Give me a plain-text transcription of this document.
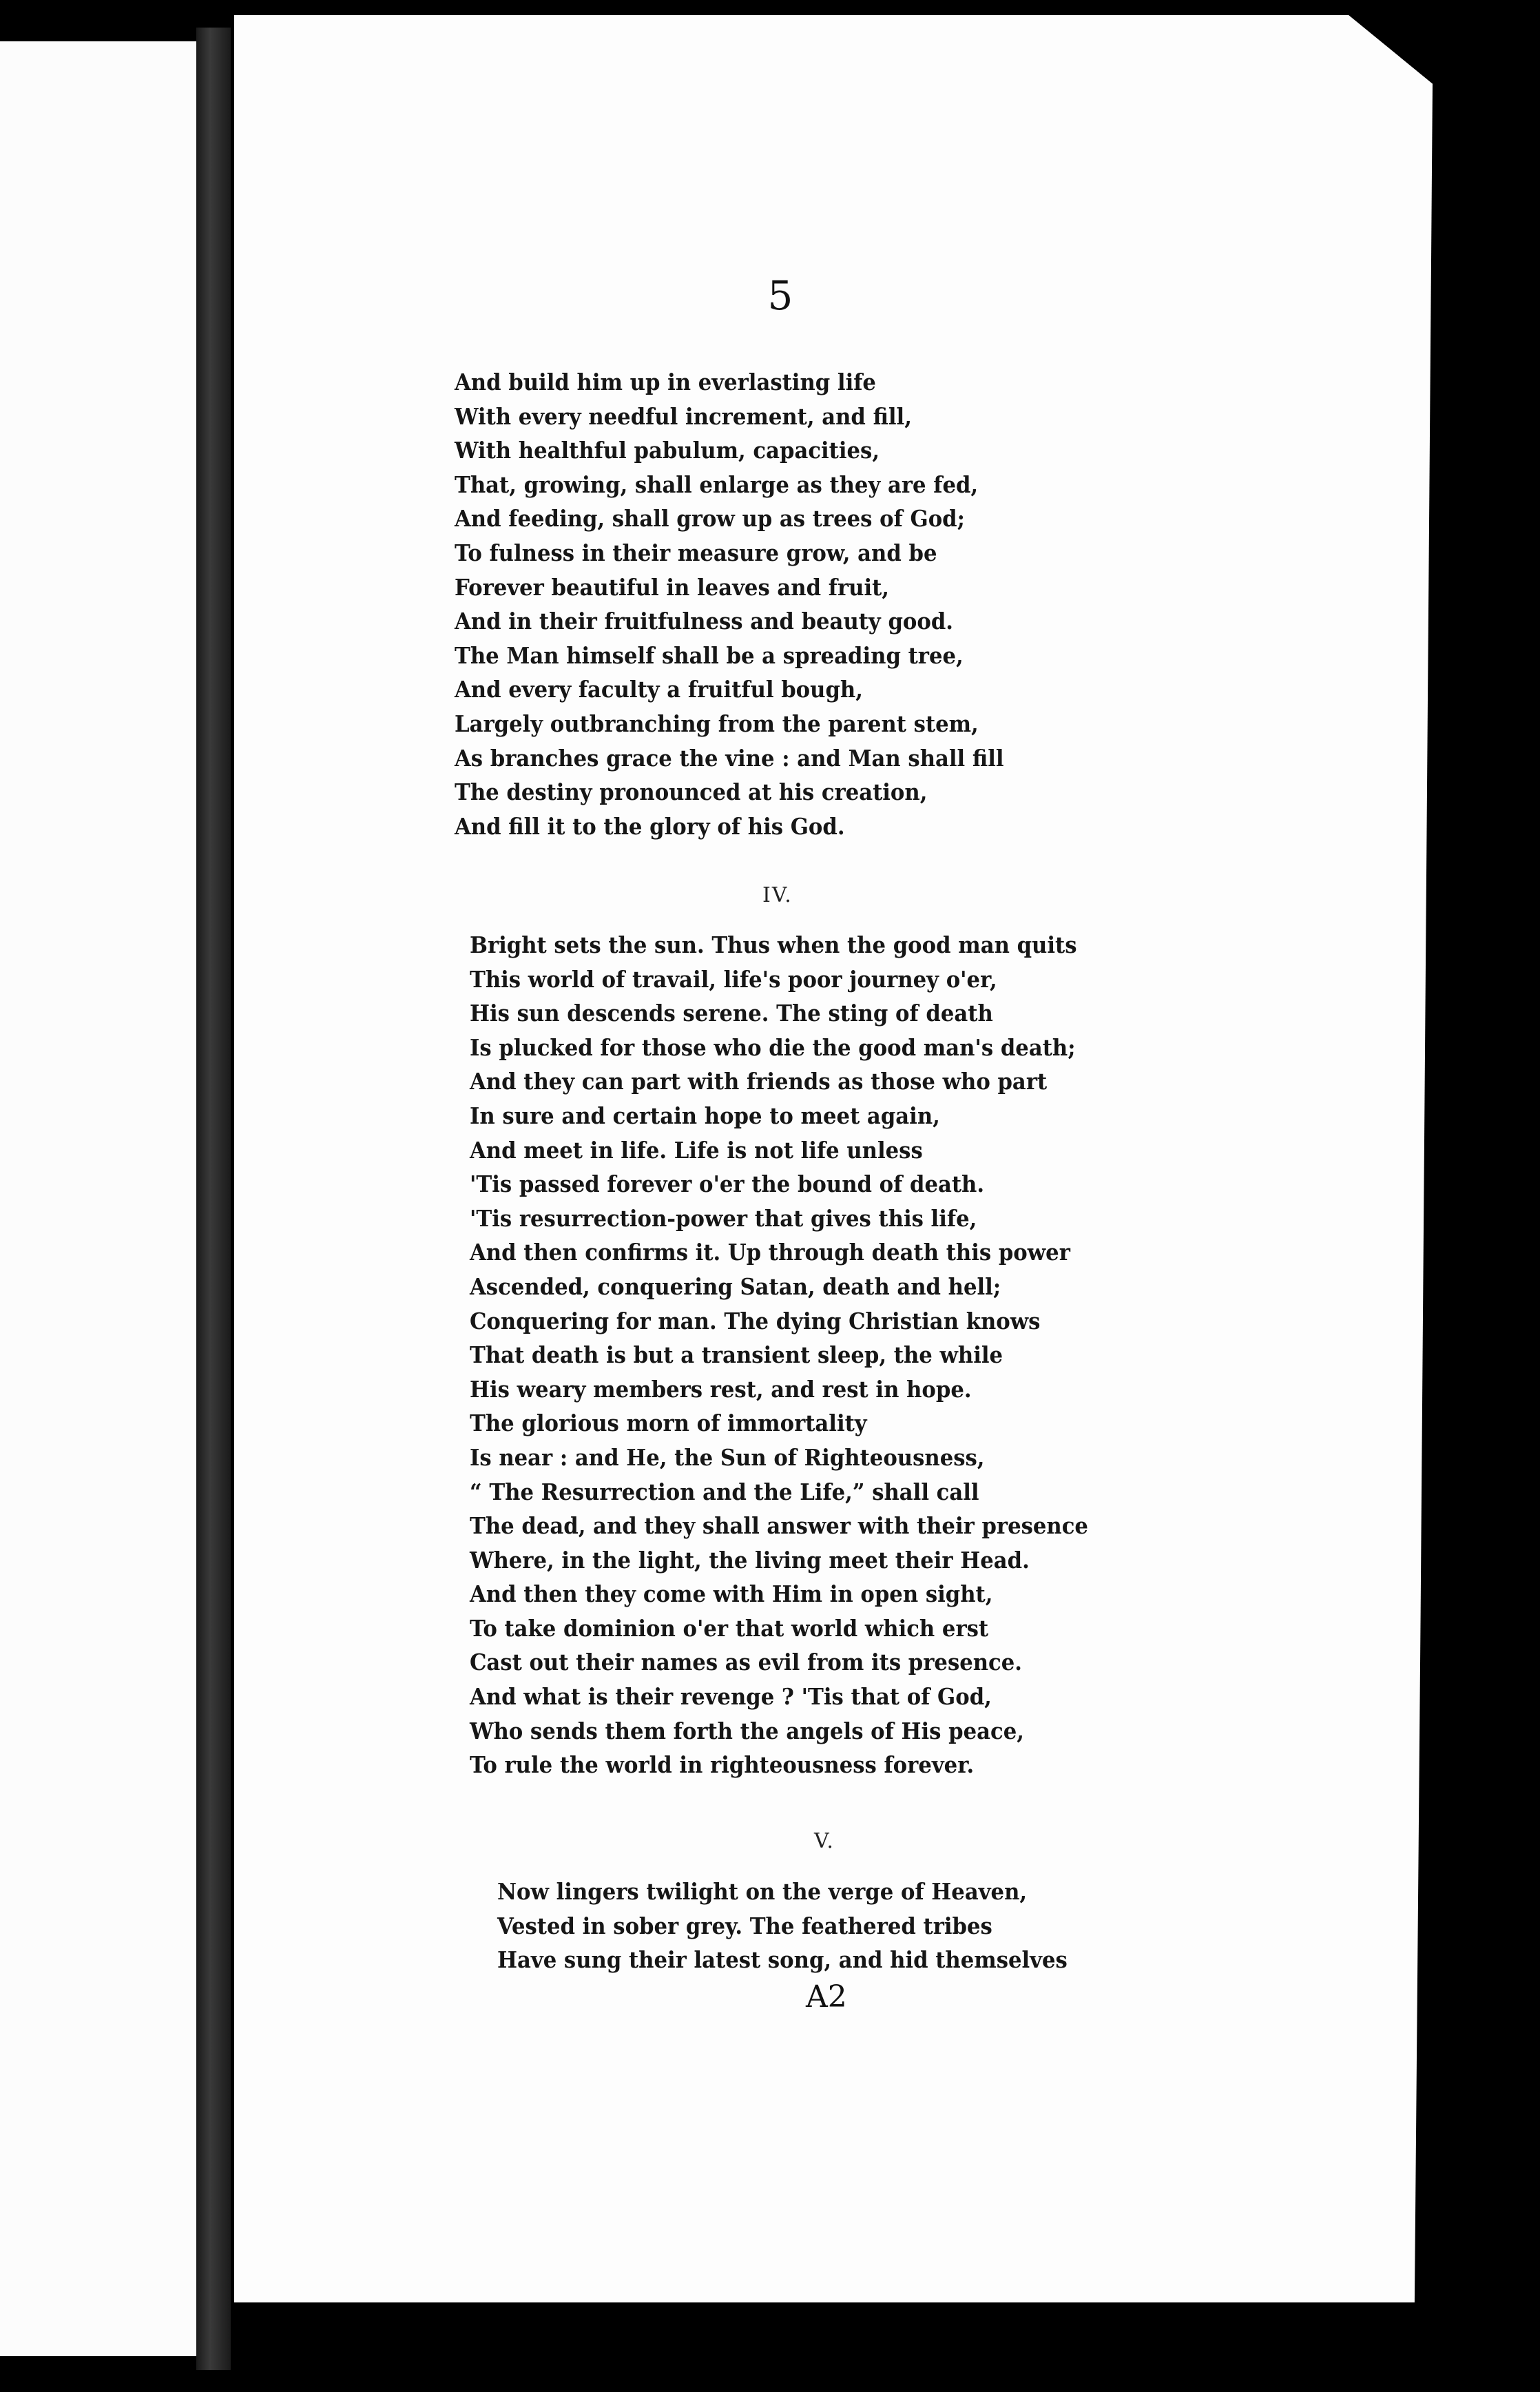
5
And build him up in everlasting life
With every needful increment, and fill,
With healthful pabulum, capacities,
That, growing, shall enlarge as they are fed,
And feeding, shall grow up as trees of God;
To fulness in their measure grow, and be
Forever beautiful in leaves and fruit,
And in their fruitfulness and beauty good.
The Man himself shall be a spreading tree,
And every faculty a fruitful bough,
Largely outbranching from the parent stem,
As branches grace the vine : and Man shall fill
The destiny pronounced at his creation,
And fill it to the glory of his God.
IV.
Bright sets the sun. Thus when the good man quits
This world of travail, life's poor journey o'er,
His sun descends serene. The sting of death
Is plucked for those who die the good man's death;
And they can part with friends as those who part
In sure and certain hope to meet again,
And meet in life. Life is not life unless
'Tis passed forever o'er the bound of death.
'Tis resurrection-power that gives this life,
And then confirms it. Up through death this power
Ascended, conquering Satan, death and hell;
Conquering for man. The dying Christian knows
That death is but a transient sleep, the while
His weary members rest, and rest in hope.
The glorious morn of immortality
Is near : and He, the Sun of Righteousness,
“ The Resurrection and the Life,” shall call
The dead, and they shall answer with their presence
Where, in the light, the living meet their Head.
And then they come with Him in open sight,
To take dominion o'er that world which erst
Cast out their names as evil from its presence.
And what is their revenge ? 'Tis that of God,
Who sends them forth the angels of His peace,
To rule the world in righteousness forever.
V.
Now lingers twilight on the verge of Heaven,
Vested in sober grey. The feathered tribes
Have sung their latest song, and hid themselves
A2
